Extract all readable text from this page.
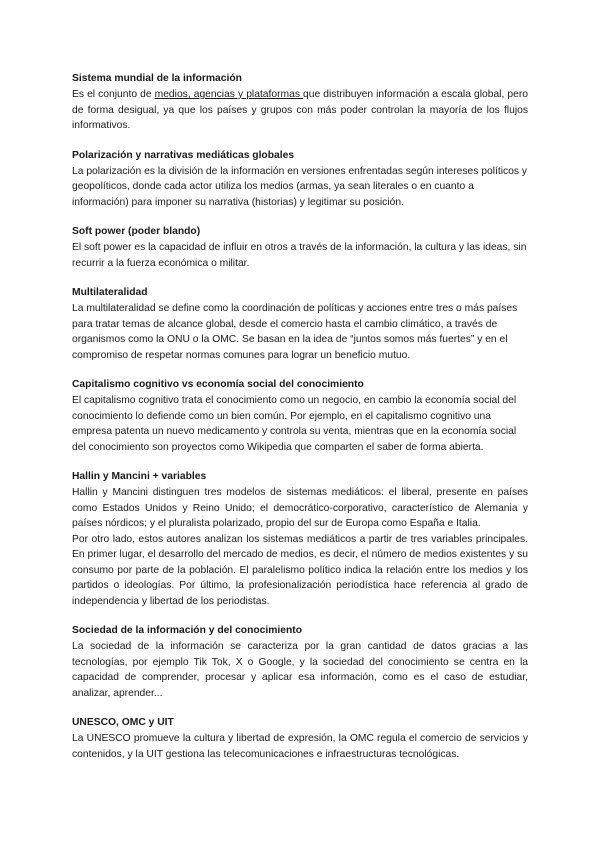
Sistema mundial de la información

Es el conjunto de medios, agencias y plataformas que distribuyen información a escala global, pero de forma desigual, ya que los países y grupos con más poder controlan la mayoría de los flujos informativos.

Polarización y narrativas mediáticas globales

La polarización es la división de la información en versiones enfrentadas según intereses políticos y geopolíticos, donde cada actor utiliza los medios (armas, ya sean literales o en cuanto a información) para imponer su narrativa (historias) y legitimar su posición.

Soft power (poder blando)

El soft power es la capacidad de influir en otros a través de la información, la cultura y las ideas, sin recurrir a la fuerza económica o militar.

Multilateralidad

La multilateralidad se define como la coordinación de políticas y acciones entre tres o más países para tratar temas de alcance global, desde el comercio hasta el cambio climático, a través de organismos como la ONU o la OMC. Se basan en la idea de “juntos somos más fuertes” y en el compromiso de respetar normas comunes para lograr un beneficio mutuo.

Capitalismo cognitivo vs economía social del conocimiento

El capitalismo cognitivo trata el conocimiento como un negocio, en cambio la economía social del conocimiento lo defiende como un bien común. Por ejemplo, en el capitalismo cognitivo una empresa patenta un nuevo medicamento y controla su venta, mientras que en la economía social del conocimiento son proyectos como Wikipedia que comparten el saber de forma abierta.

Hallin y Mancini + variables

Hallin y Mancini distinguen tres modelos de sistemas mediáticos: el liberal, presente en países como Estados Unidos y Reino Unido; el democrático-corporativo, característico de Alemania y países nórdicos; y el pluralista polarizado, propio del sur de Europa como España e Italia.

Por otro lado, estos autores analizan los sistemas mediáticos a partir de tres variables principales. En primer lugar, el desarrollo del mercado de medios, es decir, el número de medios existentes y su consumo por parte de la población. El paralelismo político indica la relación entre los medios y los partidos o ideologías. Por último, la profesionalización periodística hace referencia al grado de independencia y libertad de los periodistas.

Sociedad de la información y del conocimiento

La sociedad de la información se caracteriza por la gran cantidad de datos gracias a las tecnologías, por ejemplo Tik Tok, X o Google, y la sociedad del conocimiento se centra en la capacidad de comprender, procesar y aplicar esa información, como es el caso de estudiar, analizar, aprender...

UNESCO, OMC y UIT

La UNESCO promueve la cultura y libertad de expresión, la OMC regula el comercio de servicios y contenidos, y la UIT gestiona las telecomunicaciones e infraestructuras tecnológicas.
